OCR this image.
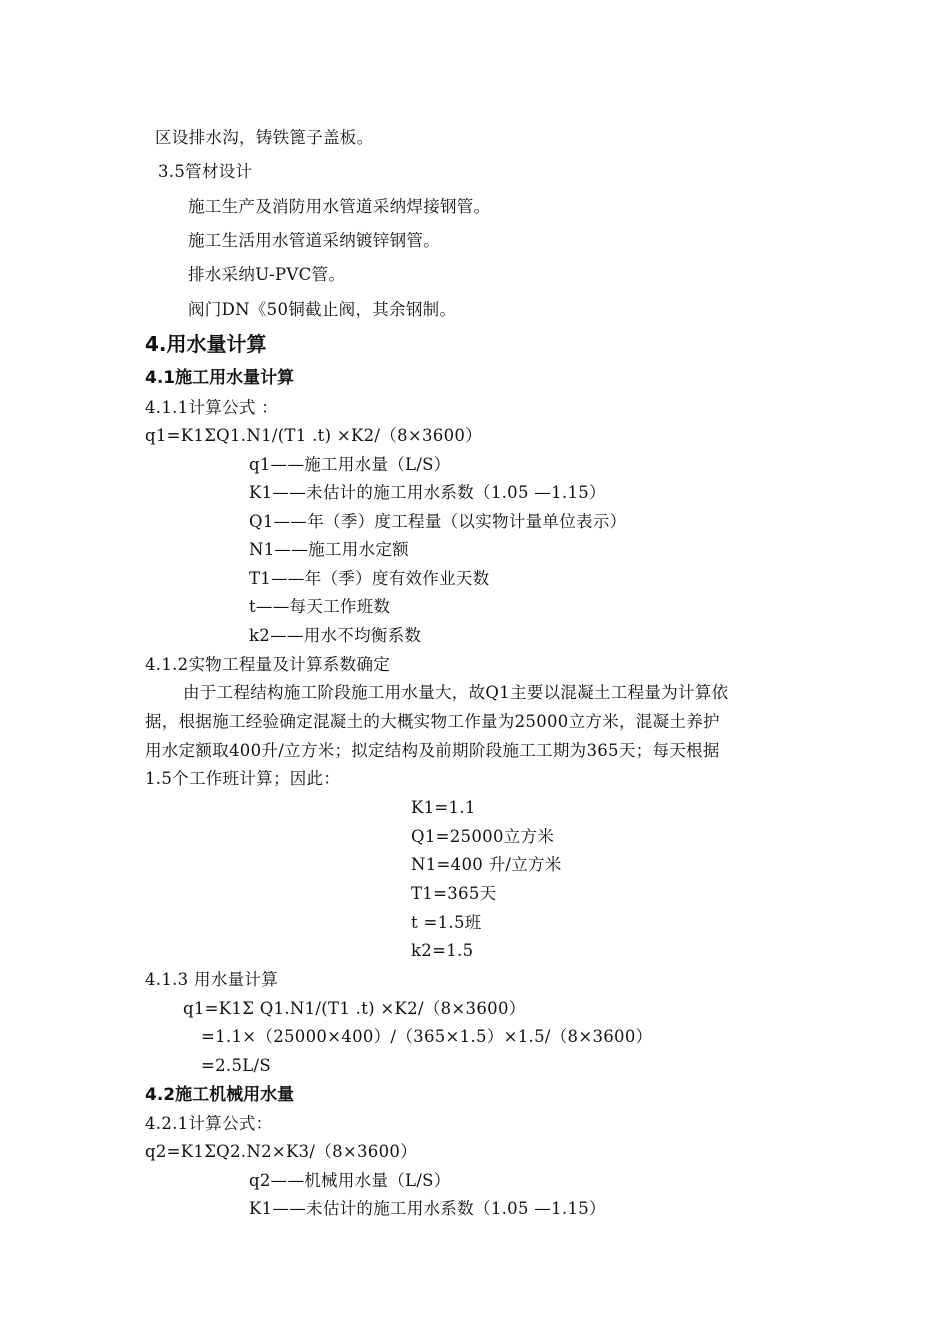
区设排水沟，铸铁篦子盖板。
3.5管材设计
施工生产及消防用水管道采纳焊接钢管。
施工生活用水管道采纳镀锌钢管。
排水采纳U-PVC管。
阀门DN《50铜截止阀，其余钢制。
4.用水量计算
4.1施工用水量计算
4.1.1计算公式 ：
q1=K1ΣQ1.N1/(T1 .t) ×K2/（8×3600）
q1——施工用水量（L/S）
K1——未估计的施工用水系数（1.05 —1.15）
Q1——年（季）度工程量（以实物计量单位表示）
N1——施工用水定额
T1——年（季）度有效作业天数
t——每天工作班数
k2——用水不均衡系数
4.1.2实物工程量及计算系数确定
由于工程结构施工阶段施工用水量大，故Q1主要以混凝土工程量为计算依
据，根据施工经验确定混凝土的大概实物工作量为25000立方米，混凝土养护
用水定额取400升/立方米；拟定结构及前期阶段施工工期为365天；每天根据
1.5个工作班计算；因此：
K1=1.1
Q1=25000立方米
N1=400 升/立方米
T1=365天
t =1.5班
k2=1.5
4.1.3 用水量计算
q1=K1Σ Q1.N1/(T1 .t) ×K2/（8×3600）
=1.1×（25000×400）/（365×1.5）×1.5/（8×3600）
=2.5L/S
4.2施工机械用水量
4.2.1计算公式：
q2=K1ΣQ2.N2×K3/（8×3600）
q2——机械用水量（L/S）
K1——未估计的施工用水系数（1.05 —1.15）
